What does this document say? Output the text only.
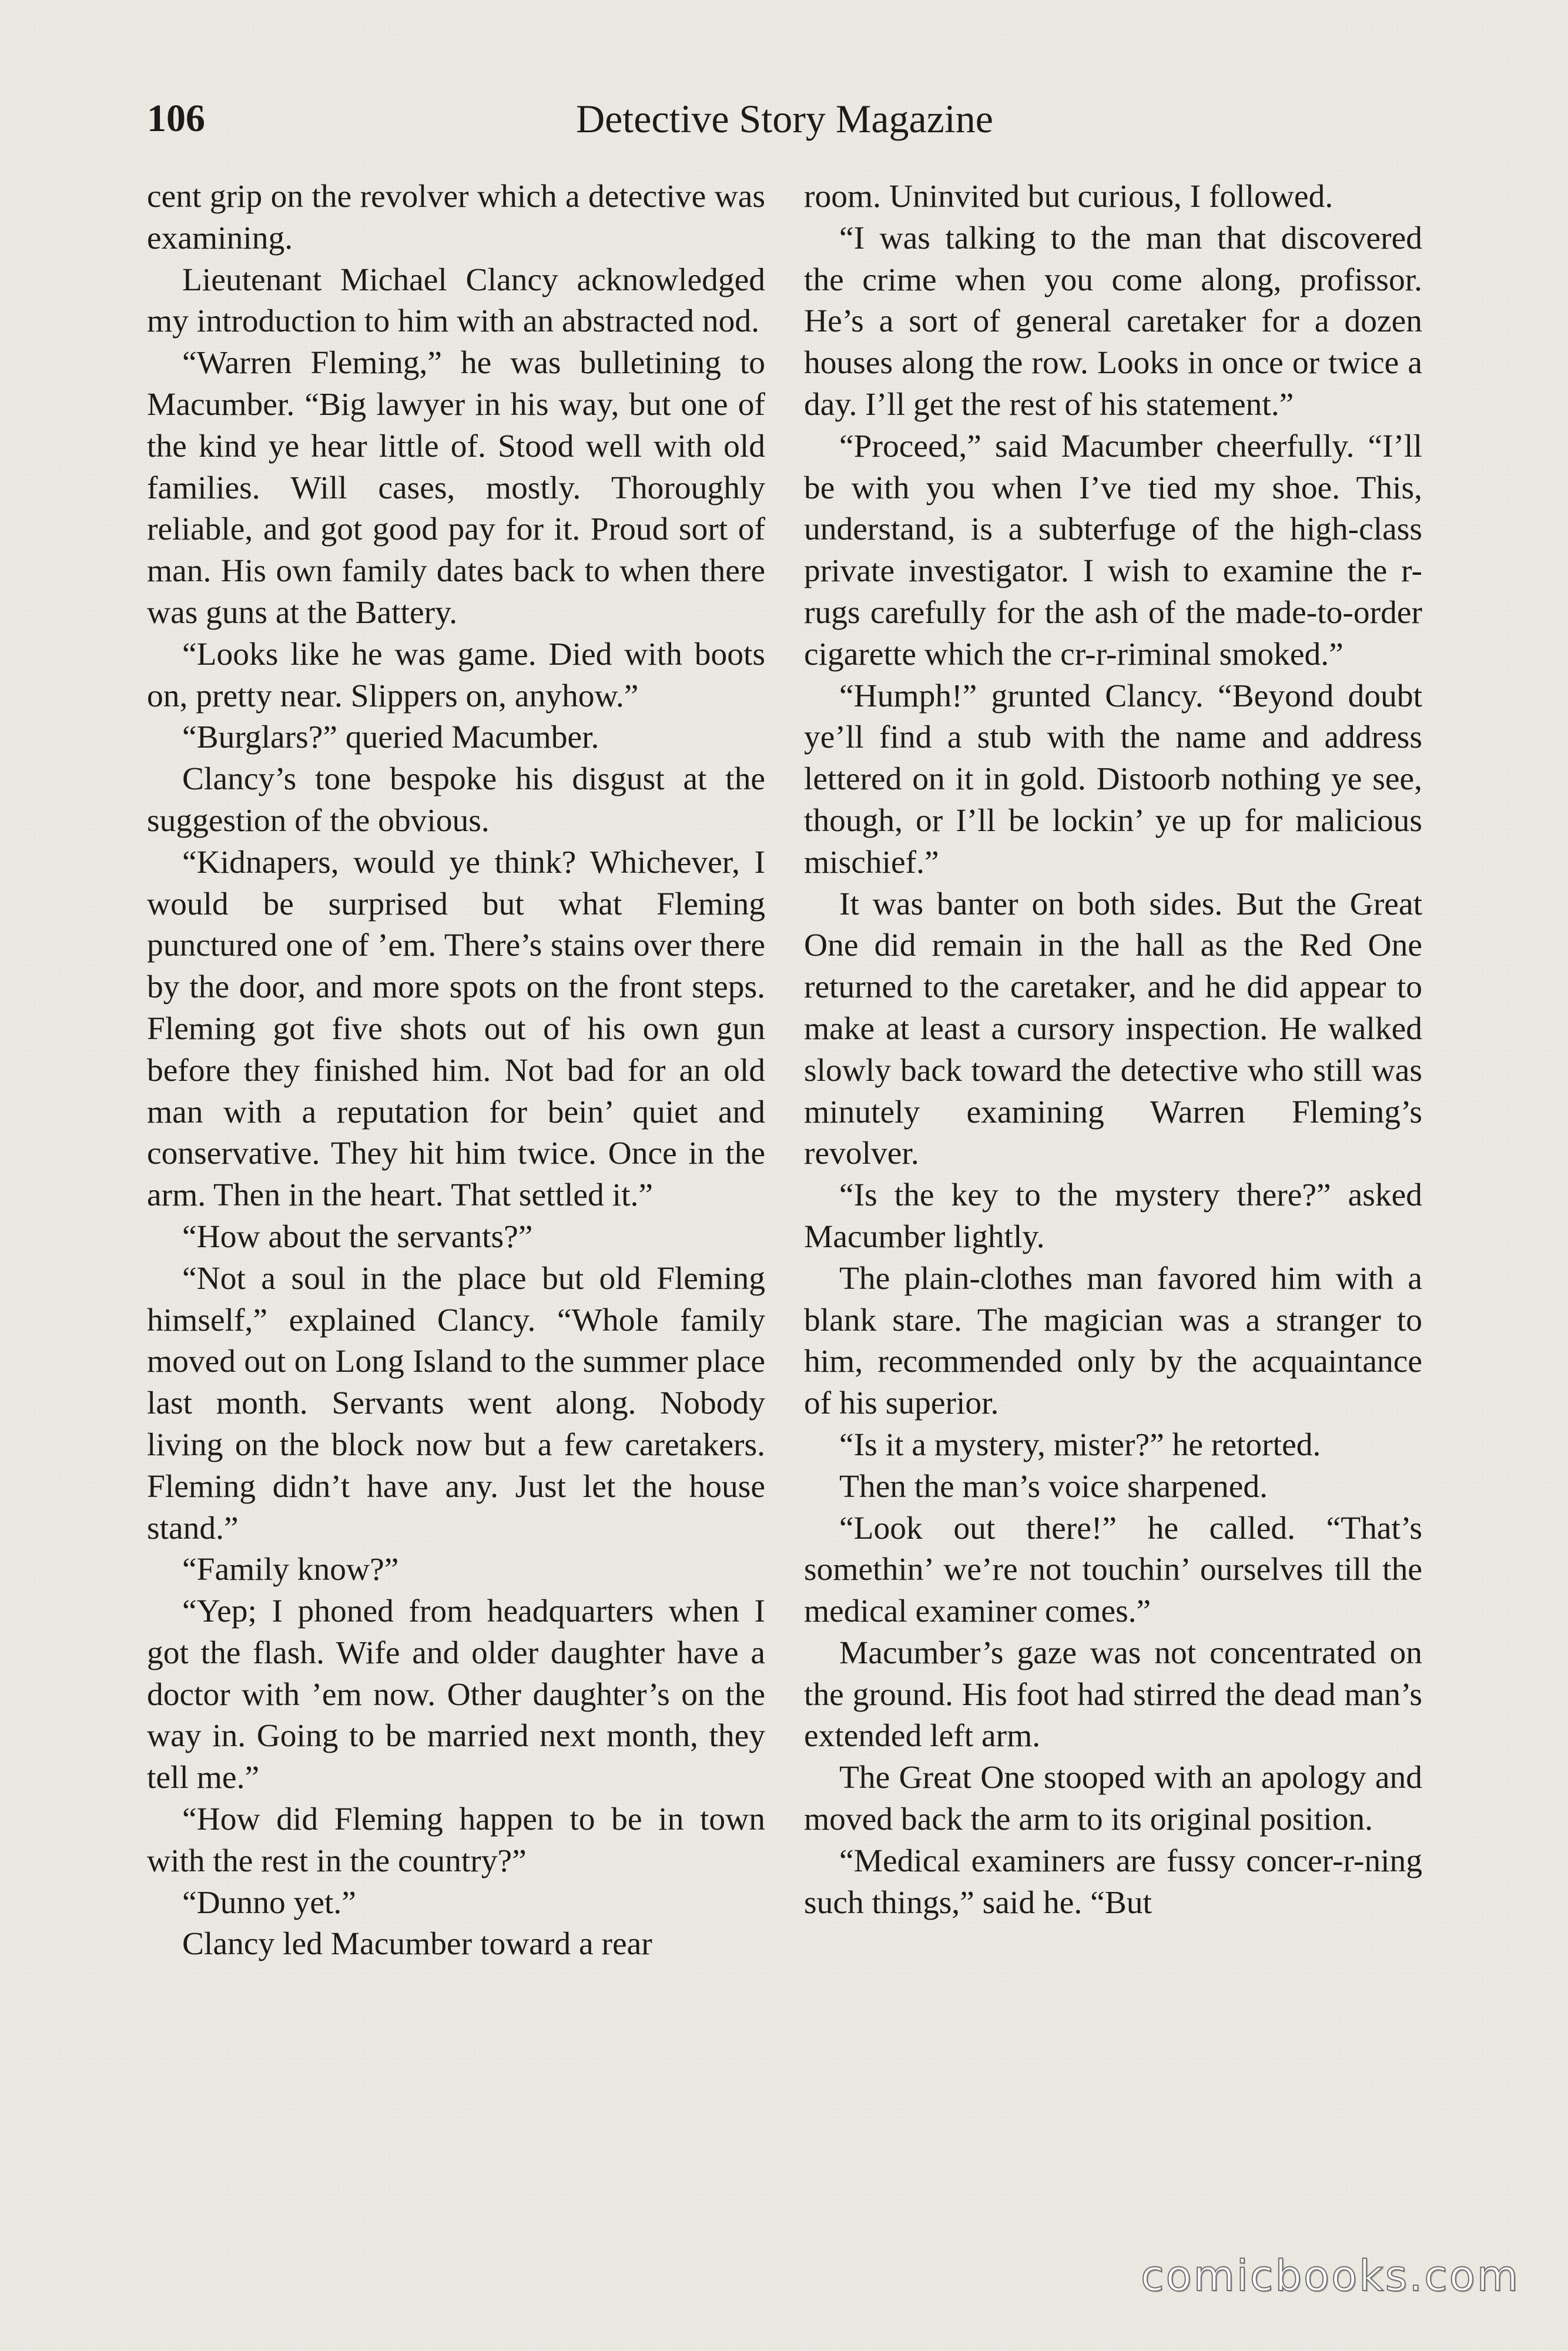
106	Detective Story Magazine

cent grip on the revolver which a detective was examining.

Lieutenant Michael Clancy acknowledged my introduction to him with an abstracted nod.

“Warren Fleming,” he was bulletining to Macumber. “Big lawyer in his way, but one of the kind ye hear little of. Stood well with old families. Will cases, mostly. Thoroughly reliable, and got good pay for it. Proud sort of man. His own family dates back to when there was guns at the Battery.

“Looks like he was game. Died with boots on, pretty near. Slippers on, anyhow.”

“Burglars?” queried Macumber.

Clancy’s tone bespoke his disgust at the suggestion of the obvious.

“Kidnapers, would ye think? Whichever, I would be surprised but what Fleming punctured one of ’em. There’s stains over there by the door, and more spots on the front steps. Fleming got five shots out of his own gun before they finished him. Not bad for an old man with a reputation for bein’ quiet and conservative. They hit him twice. Once in the arm. Then in the heart. That settled it.”

“How about the servants?”

“Not a soul in the place but old Fleming himself,” explained Clancy. “Whole family moved out on Long Island to the summer place last month. Servants went along. Nobody living on the block now but a few caretakers. Fleming didn’t have any. Just let the house stand.”

“Family know?”

“Yep; I phoned from headquarters when I got the flash. Wife and older daughter have a doctor with ’em now. Other daughter’s on the way in. Going to be married next month, they tell me.”

“How did Fleming happen to be in town with the rest in the country?”

“Dunno yet.”

Clancy led Macumber toward a rear

room. Uninvited but curious, I followed.

“I was talking to the man that discovered the crime when you come along, profissor. He’s a sort of general caretaker for a dozen houses along the row. Looks in once or twice a day. I’ll get the rest of his statement.”

“Proceed,” said Macumber cheerfully. “I’ll be with you when I’ve tied my shoe. This, understand, is a subterfuge of the high-class private investigator. I wish to examine the r-rugs carefully for the ash of the made-to-order cigarette which the cr-r-riminal smoked.”

“Humph!” grunted Clancy. “Beyond doubt ye’ll find a stub with the name and address lettered on it in gold. Distoorb nothing ye see, though, or I’ll be lockin’ ye up for malicious mischief.”

It was banter on both sides. But the Great One did remain in the hall as the Red One returned to the caretaker, and he did appear to make at least a cursory inspection. He walked slowly back toward the detective who still was minutely examining Warren Fleming’s revolver.

“Is the key to the mystery there?” asked Macumber lightly.

The plain-clothes man favored him with a blank stare. The magician was a stranger to him, recommended only by the acquaintance of his superior.

“Is it a mystery, mister?” he retorted.

Then the man’s voice sharpened.

“Look out there!” he called. “That’s somethin’ we’re not touchin’ ourselves till the medical examiner comes.”

Macumber’s gaze was not concentrated on the ground. His foot had stirred the dead man’s extended left arm.

The Great One stooped with an apology and moved back the arm to its original position.

“Medical examiners are fussy concer-r-ning such things,” said he. “But

comicbooks.com
